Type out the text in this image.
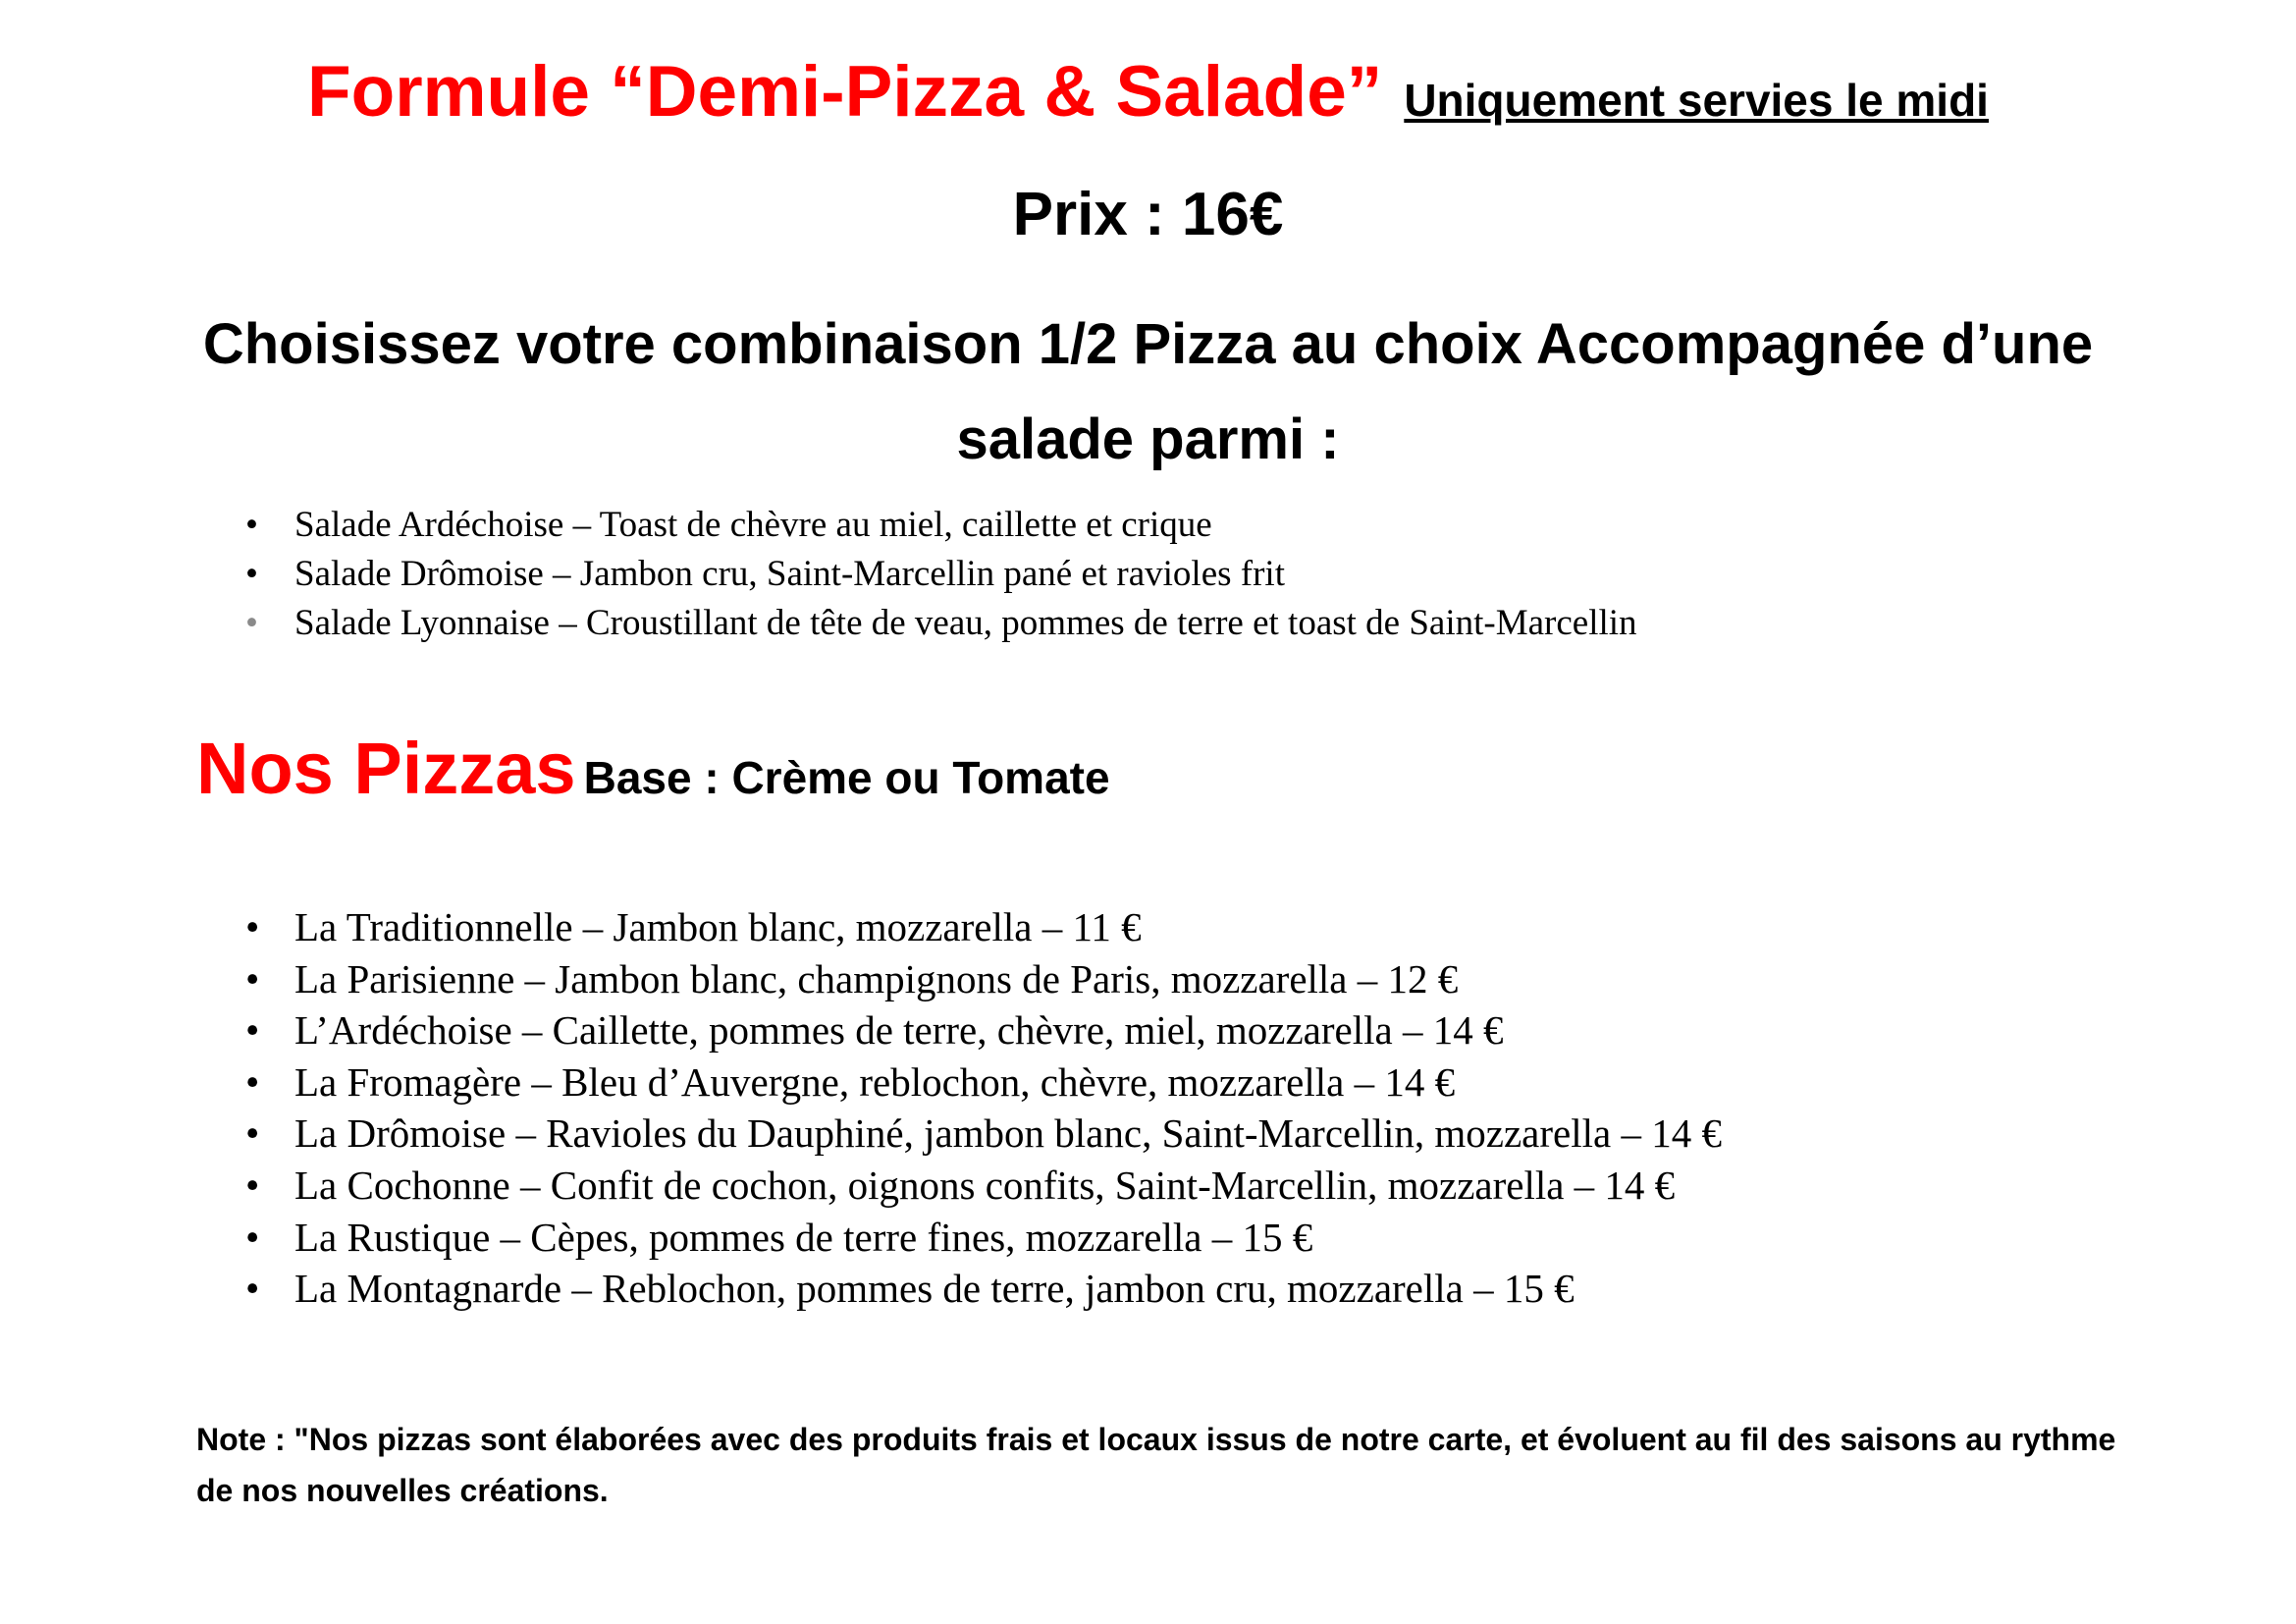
Formule “Demi-Pizza & Salade” Uniquement servies le midi
Prix : 16€
Choisissez votre combinaison 1/2 Pizza au choix Accompagnée d’une salade parmi :
• Salade Ardéchoise – Toast de chèvre au miel, caillette et crique
• Salade Drômoise – Jambon cru, Saint-Marcellin pané et ravioles frit
• Salade Lyonnaise – Croustillant de tête de veau, pommes de terre et toast de Saint-Marcellin
Nos Pizzas Base : Crème ou Tomate
• La Traditionnelle – Jambon blanc, mozzarella – 11 €
• La Parisienne – Jambon blanc, champignons de Paris, mozzarella – 12 €
• L’Ardéchoise – Caillette, pommes de terre, chèvre, miel, mozzarella – 14 €
• La Fromagère – Bleu d’Auvergne, reblochon, chèvre, mozzarella – 14 €
• La Drômoise – Ravioles du Dauphiné, jambon blanc, Saint-Marcellin, mozzarella – 14 €
• La Cochonne – Confit de cochon, oignons confits, Saint-Marcellin, mozzarella – 14 €
• La Rustique – Cèpes, pommes de terre fines, mozzarella – 15 €
• La Montagnarde – Reblochon, pommes de terre, jambon cru, mozzarella – 15 €
Note : "Nos pizzas sont élaborées avec des produits frais et locaux issus de notre carte, et évoluent au fil des saisons au rythme de nos nouvelles créations.
